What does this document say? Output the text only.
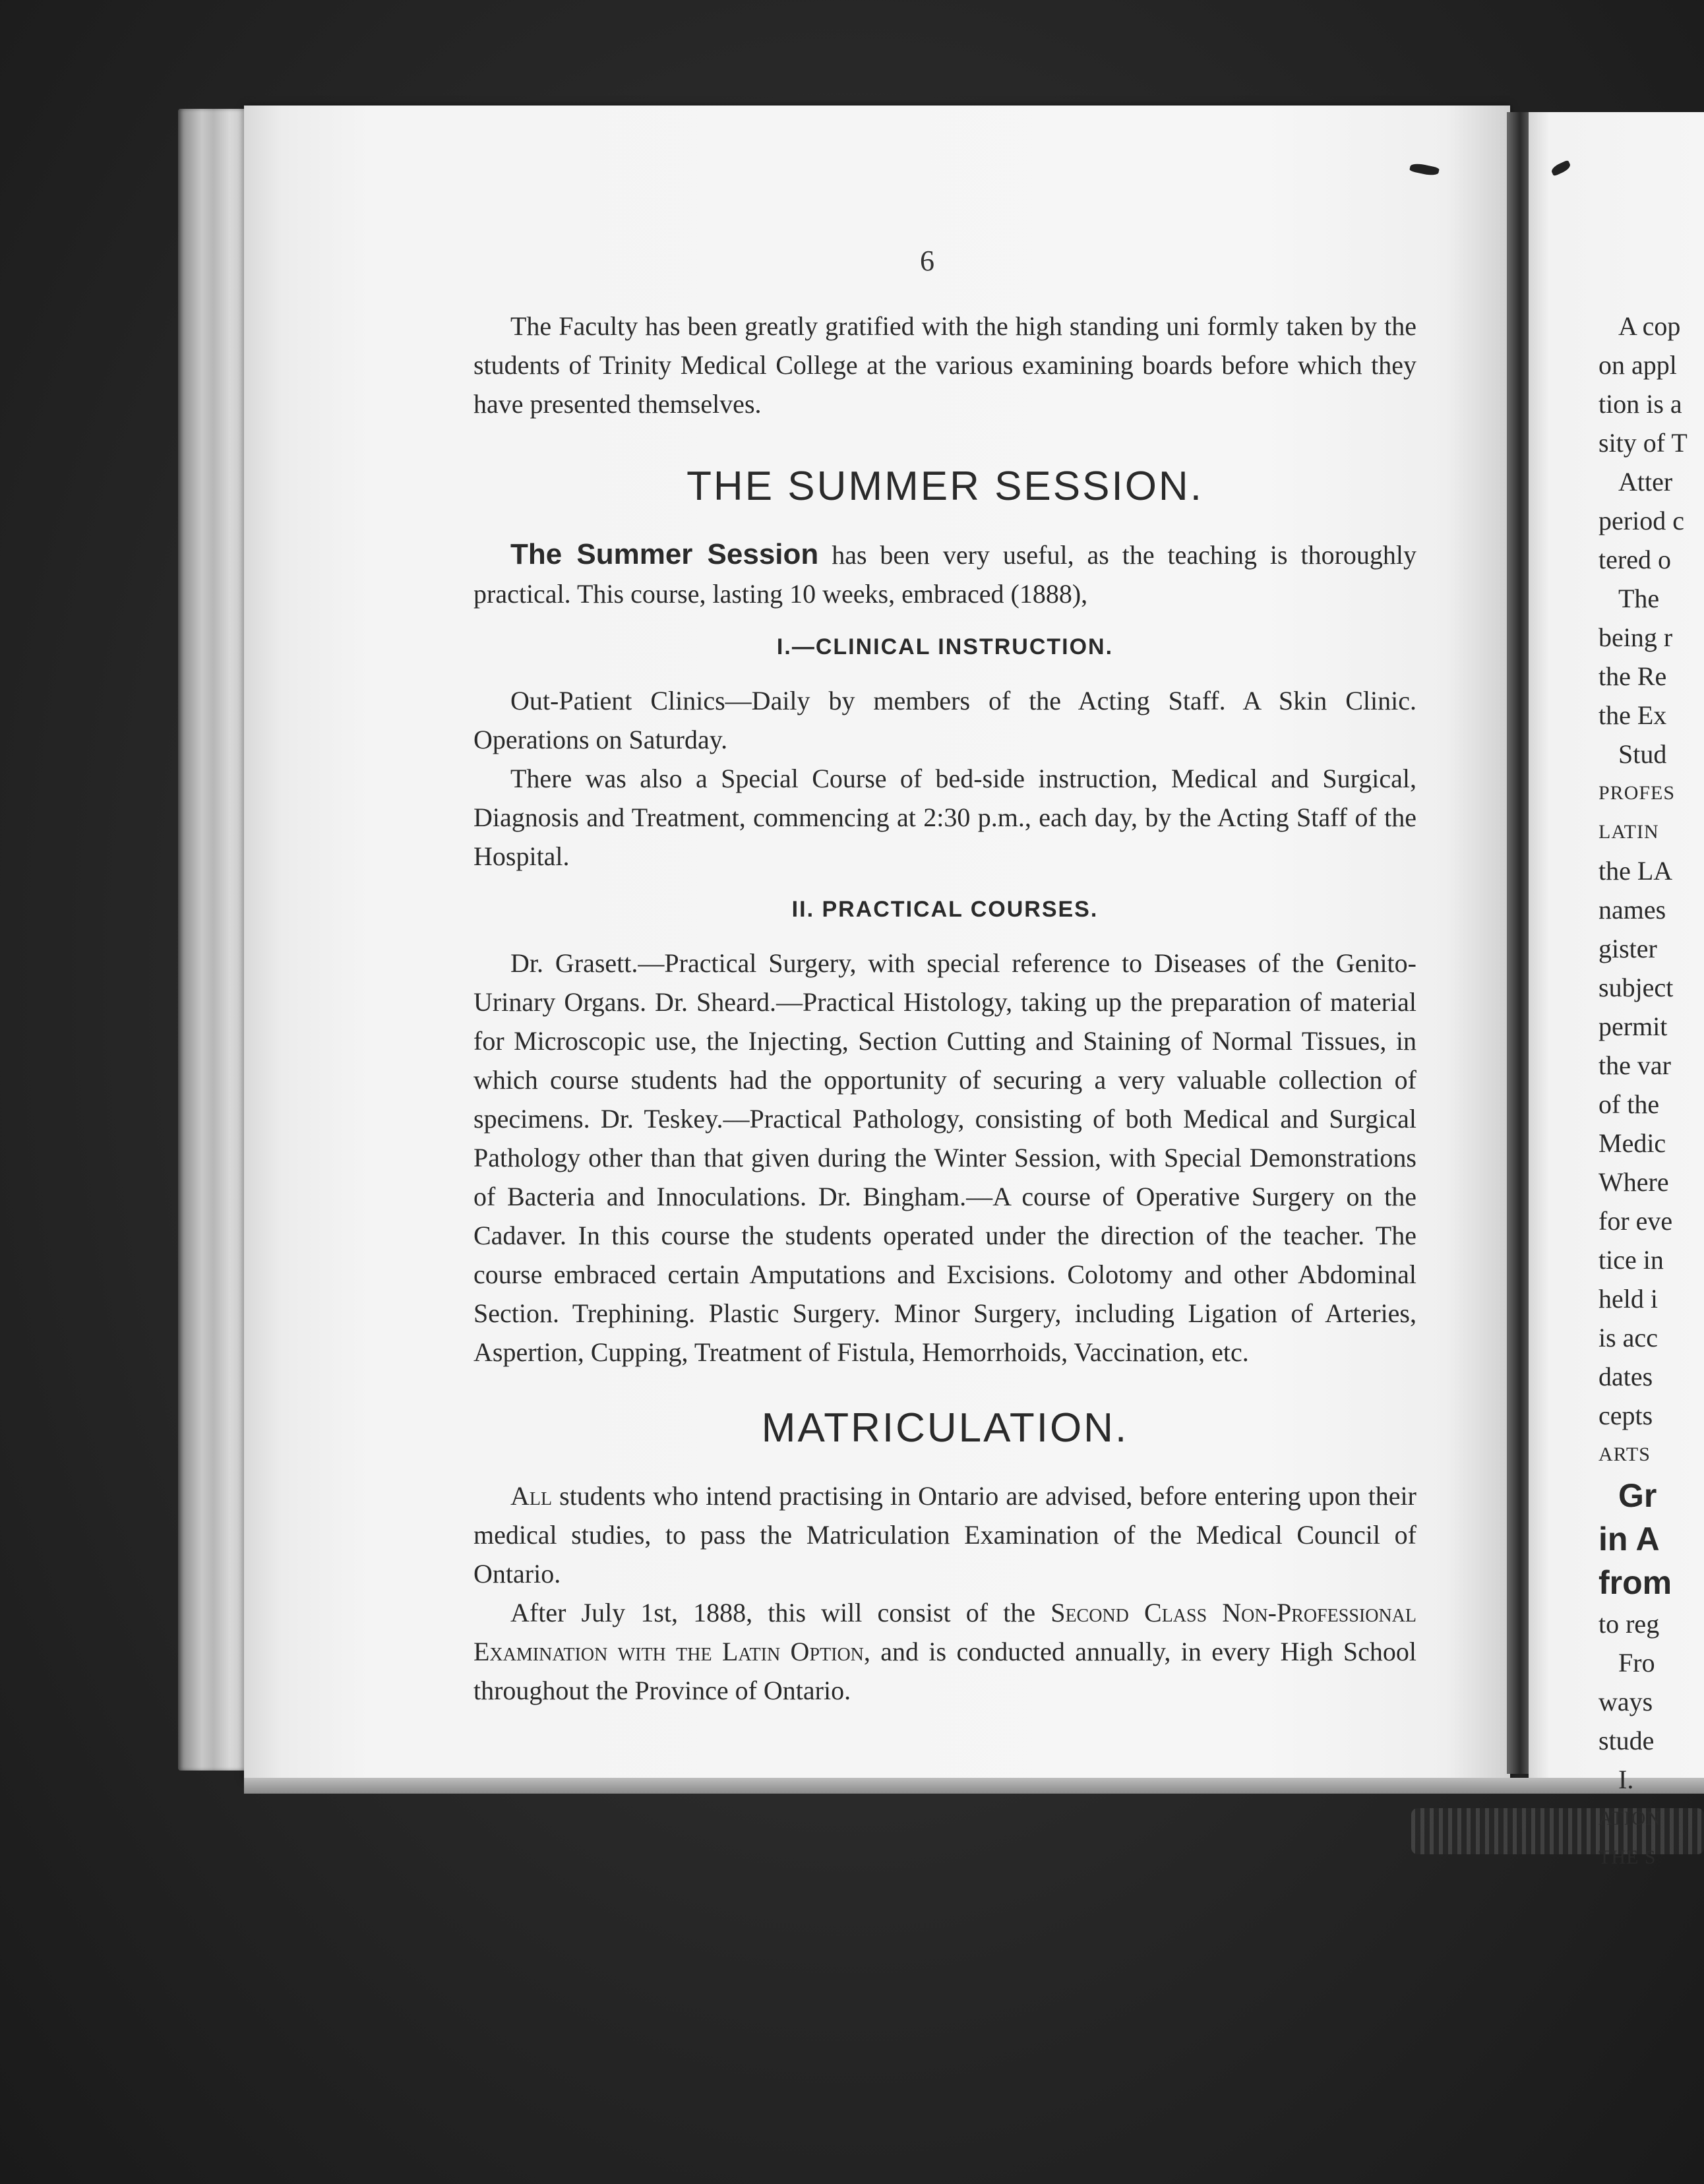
6

The Faculty has been greatly gratified with the high standing uni formly taken by the students of Trinity Medical College at the various examining boards before which they have presented themselves.

THE SUMMER SESSION.

The Summer Session has been very useful, as the teaching is thoroughly practical. This course, lasting 10 weeks, embraced (1888),

I.—CLINICAL INSTRUCTION.

Out-Patient Clinics—Daily by members of the Acting Staff. A Skin Clinic. Operations on Saturday.

There was also a Special Course of bed-side instruction, Medical and Surgical, Diagnosis and Treatment, commencing at 2:30 p.m., each day, by the Acting Staff of the Hospital.

II. PRACTICAL COURSES.

Dr. Grasett.—Practical Surgery, with special reference to Diseases of the Genito-Urinary Organs. Dr. Sheard.—Practical Histology, taking up the preparation of material for Microscopic use, the Injecting, Section Cutting and Staining of Normal Tissues, in which course students had the opportunity of securing a very valuable collection of specimens. Dr. Teskey.—Practical Pathology, consisting of both Medical and Surgical Pathology other than that given during the Winter Session, with Special Demonstrations of Bacteria and Innoculations. Dr. Bingham.—A course of Operative Surgery on the Cadaver. In this course the students operated under the direction of the teacher. The course embraced certain Amputations and Excisions. Colotomy and other Abdominal Section. Trephining. Plastic Surgery. Minor Surgery, including Ligation of Arteries, Aspertion, Cupping, Treatment of Fistula, Hemorrhoids, Vaccination, etc.

MATRICULATION.

All students who intend practising in Ontario are advised, before entering upon their medical studies, to pass the Matriculation Examination of the Medical Council of Ontario.

After July 1st, 1888, this will consist of the Second Class Non-Professional Examination with the Latin Option, and is conducted annually, in every High School throughout the Province of Ontario.

A cop
on appl
tion is a
sity of T
Atter
period c
tered o
The
being r
the Re
the Ex
Stud
PROFES
LATIN
the LA
names
gister
subject
permit
the var
of the
Medic
Where
for eve
tice in
held i
is acc
dates
cepts
ARTS
Gr
in A
from
to reg
Fro
ways
stude
I.
ATION
THE S
